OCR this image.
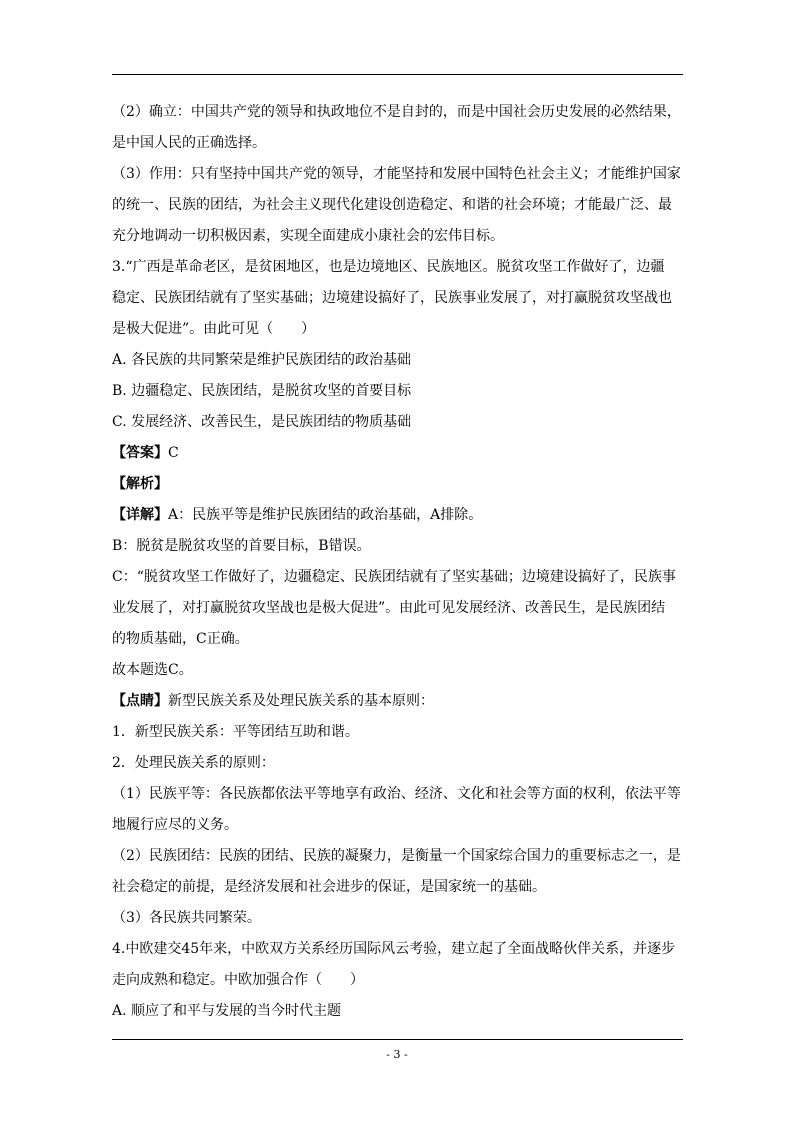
（2）确立：中国共产党的领导和执政地位不是自封的，而是中国社会历史发展的必然结果，
是中国人民的正确选择。
（3）作用：只有坚持中国共产党的领导，才能坚持和发展中国特色社会主义；才能维护国家
的统一、民族的团结，为社会主义现代化建设创造稳定、和谐的社会环境；才能最广泛、最
充分地调动一切积极因素，实现全面建成小康社会的宏伟目标。
3.“广西是革命老区，是贫困地区，也是边境地区、民族地区。脱贫攻坚工作做好了，边疆
稳定、民族团结就有了坚实基础；边境建设搞好了，民族事业发展了，对打赢脱贫攻坚战也
是极大促进”。由此可见（　　）
A. 各民族的共同繁荣是维护民族团结的政治基础
B. 边疆稳定、民族团结，是脱贫攻坚的首要目标
C. 发展经济、改善民生，是民族团结的物质基础
【答案】C
【解析】
【详解】A：民族平等是维护民族团结的政治基础，A排除。
B：脱贫是脱贫攻坚的首要目标，B错误。
C：“脱贫攻坚工作做好了，边疆稳定、民族团结就有了坚实基础；边境建设搞好了，民族事
业发展了，对打赢脱贫攻坚战也是极大促进”。由此可见发展经济、改善民生，是民族团结
的物质基础，C正确。
故本题选C。
【点睛】新型民族关系及处理民族关系的基本原则：
1．新型民族关系：平等团结互助和谐。
2．处理民族关系的原则：
（1）民族平等：各民族都依法平等地享有政治、经济、文化和社会等方面的权利，依法平等
地履行应尽的义务。
（2）民族团结：民族的团结、民族的凝聚力，是衡量一个国家综合国力的重要标志之一，是
社会稳定的前提，是经济发展和社会进步的保证，是国家统一的基础。
（3）各民族共同繁荣。
4.中欧建交45年来，中欧双方关系经历国际风云考验，建立起了全面战略伙伴关系，并逐步
走向成熟和稳定。中欧加强合作（　　）
A. 顺应了和平与发展的当今时代主题
- 3 -
